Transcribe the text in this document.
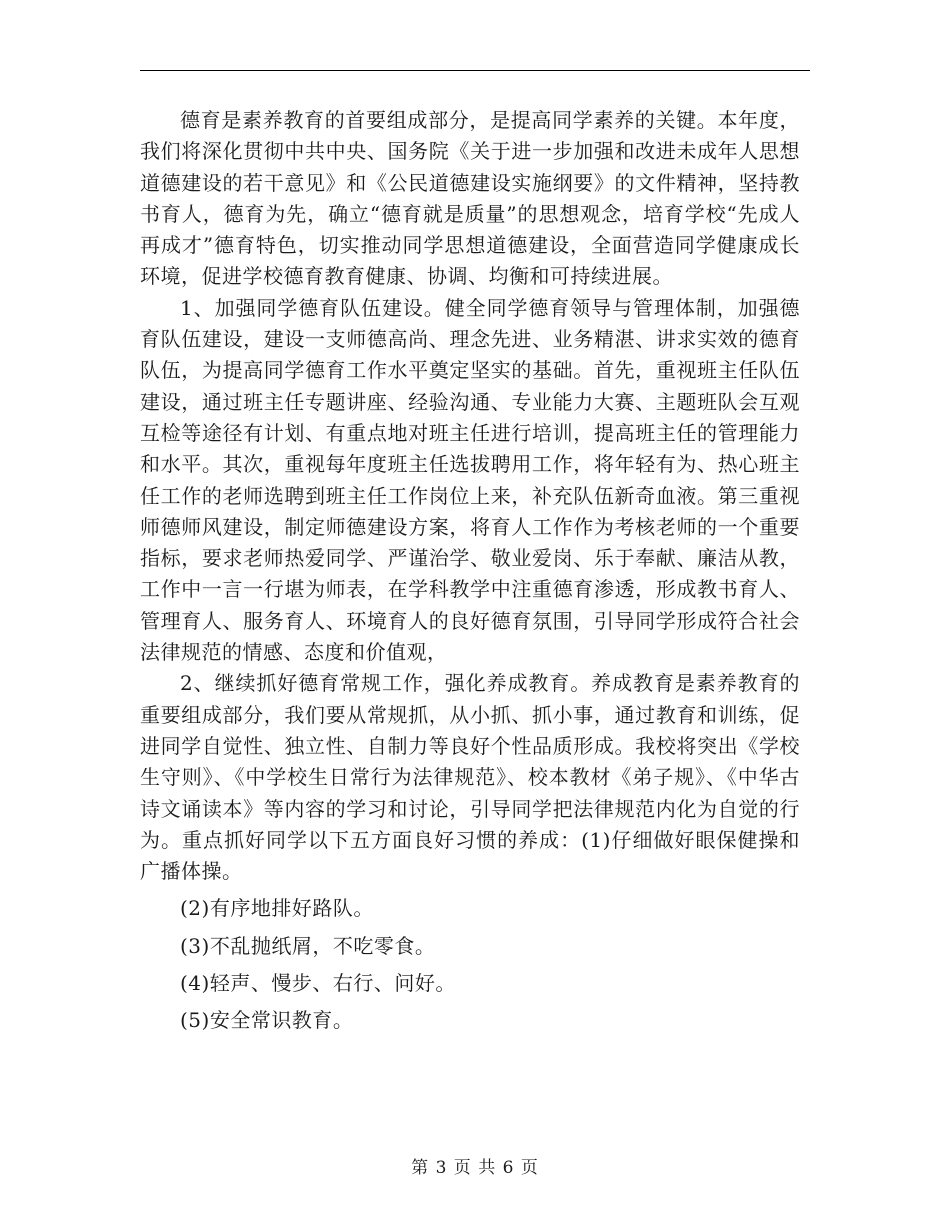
德育是素养教育的首要组成部分，是提高同学素养的关键。本年度，我们将深化贯彻中共中央、国务院《关于进一步加强和改进未成年人思想道德建设的若干意见》和《公民道德建设实施纲要》的文件精神，坚持教书育人，德育为先，确立“德育就是质量”的思想观念，培育学校“先成人再成才”德育特色，切实推动同学思想道德建设，全面营造同学健康成长环境，促进学校德育教育健康、协调、均衡和可持续进展。

1、加强同学德育队伍建设。健全同学德育领导与管理体制，加强德育队伍建设，建设一支师德高尚、理念先进、业务精湛、讲求实效的德育队伍，为提高同学德育工作水平奠定坚实的基础。首先，重视班主任队伍建设，通过班主任专题讲座、经验沟通、专业能力大赛、主题班队会互观互检等途径有计划、有重点地对班主任进行培训，提高班主任的管理能力和水平。其次，重视每年度班主任选拔聘用工作，将年轻有为、热心班主任工作的老师选聘到班主任工作岗位上来，补充队伍新奇血液。第三重视师德师风建设，制定师德建设方案，将育人工作作为考核老师的一个重要指标，要求老师热爱同学、严谨治学、敬业爱岗、乐于奉献、廉洁从教，工作中一言一行堪为师表，在学科教学中注重德育渗透，形成教书育人、管理育人、服务育人、环境育人的良好德育氛围，引导同学形成符合社会法律规范的情感、态度和价值观，

2、继续抓好德育常规工作，强化养成教育。养成教育是素养教育的重要组成部分，我们要从常规抓，从小抓、抓小事，通过教育和训练，促进同学自觉性、独立性、自制力等良好个性品质形成。我校将突出《学校生守则》、《中学校生日常行为法律规范》、校本教材《弟子规》、《中华古诗文诵读本》等内容的学习和讨论，引导同学把法律规范内化为自觉的行为。重点抓好同学以下五方面良好习惯的养成：(1)仔细做好眼保健操和广播体操。

(2)有序地排好路队。

(3)不乱抛纸屑，不吃零食。

(4)轻声、慢步、右行、问好。

(5)安全常识教育。

第 3 页 共 6 页
